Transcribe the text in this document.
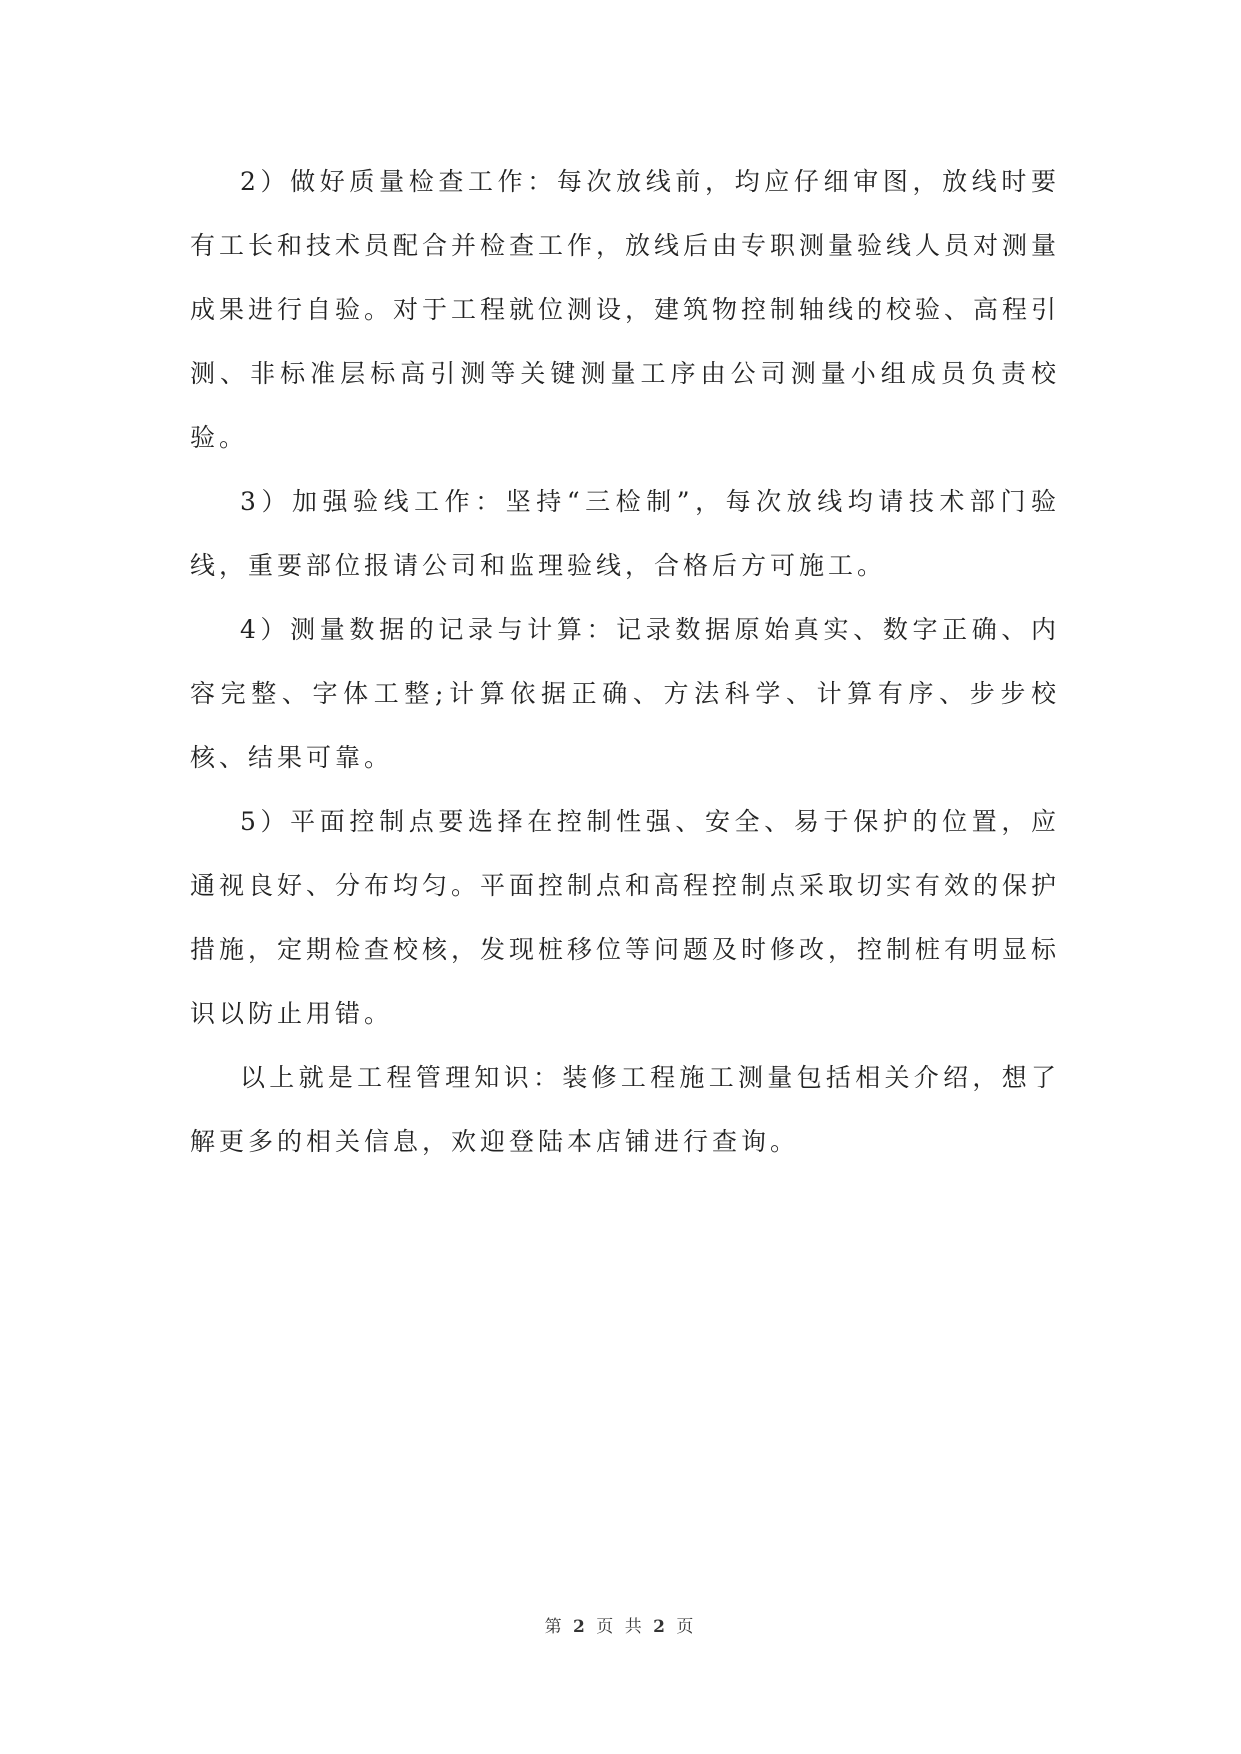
2）做好质量检查工作：每次放线前，均应仔细审图，放线时要有工长和技术员配合并检查工作，放线后由专职测量验线人员对测量成果进行自验。对于工程就位测设，建筑物控制轴线的校验、高程引测、非标准层标高引测等关键测量工序由公司测量小组成员负责校验。

3）加强验线工作：坚持“三检制”，每次放线均请技术部门验线，重要部位报请公司和监理验线，合格后方可施工。

4）测量数据的记录与计算：记录数据原始真实、数字正确、内容完整、字体工整;计算依据正确、方法科学、计算有序、步步校核、结果可靠。

5）平面控制点要选择在控制性强、安全、易于保护的位置，应通视良好、分布均匀。平面控制点和高程控制点采取切实有效的保护措施，定期检查校核，发现桩移位等问题及时修改，控制桩有明显标识以防止用错。

以上就是工程管理知识：装修工程施工测量包括相关介绍，想了解更多的相关信息，欢迎登陆本店铺进行查询。

第 2 页 共 2 页
